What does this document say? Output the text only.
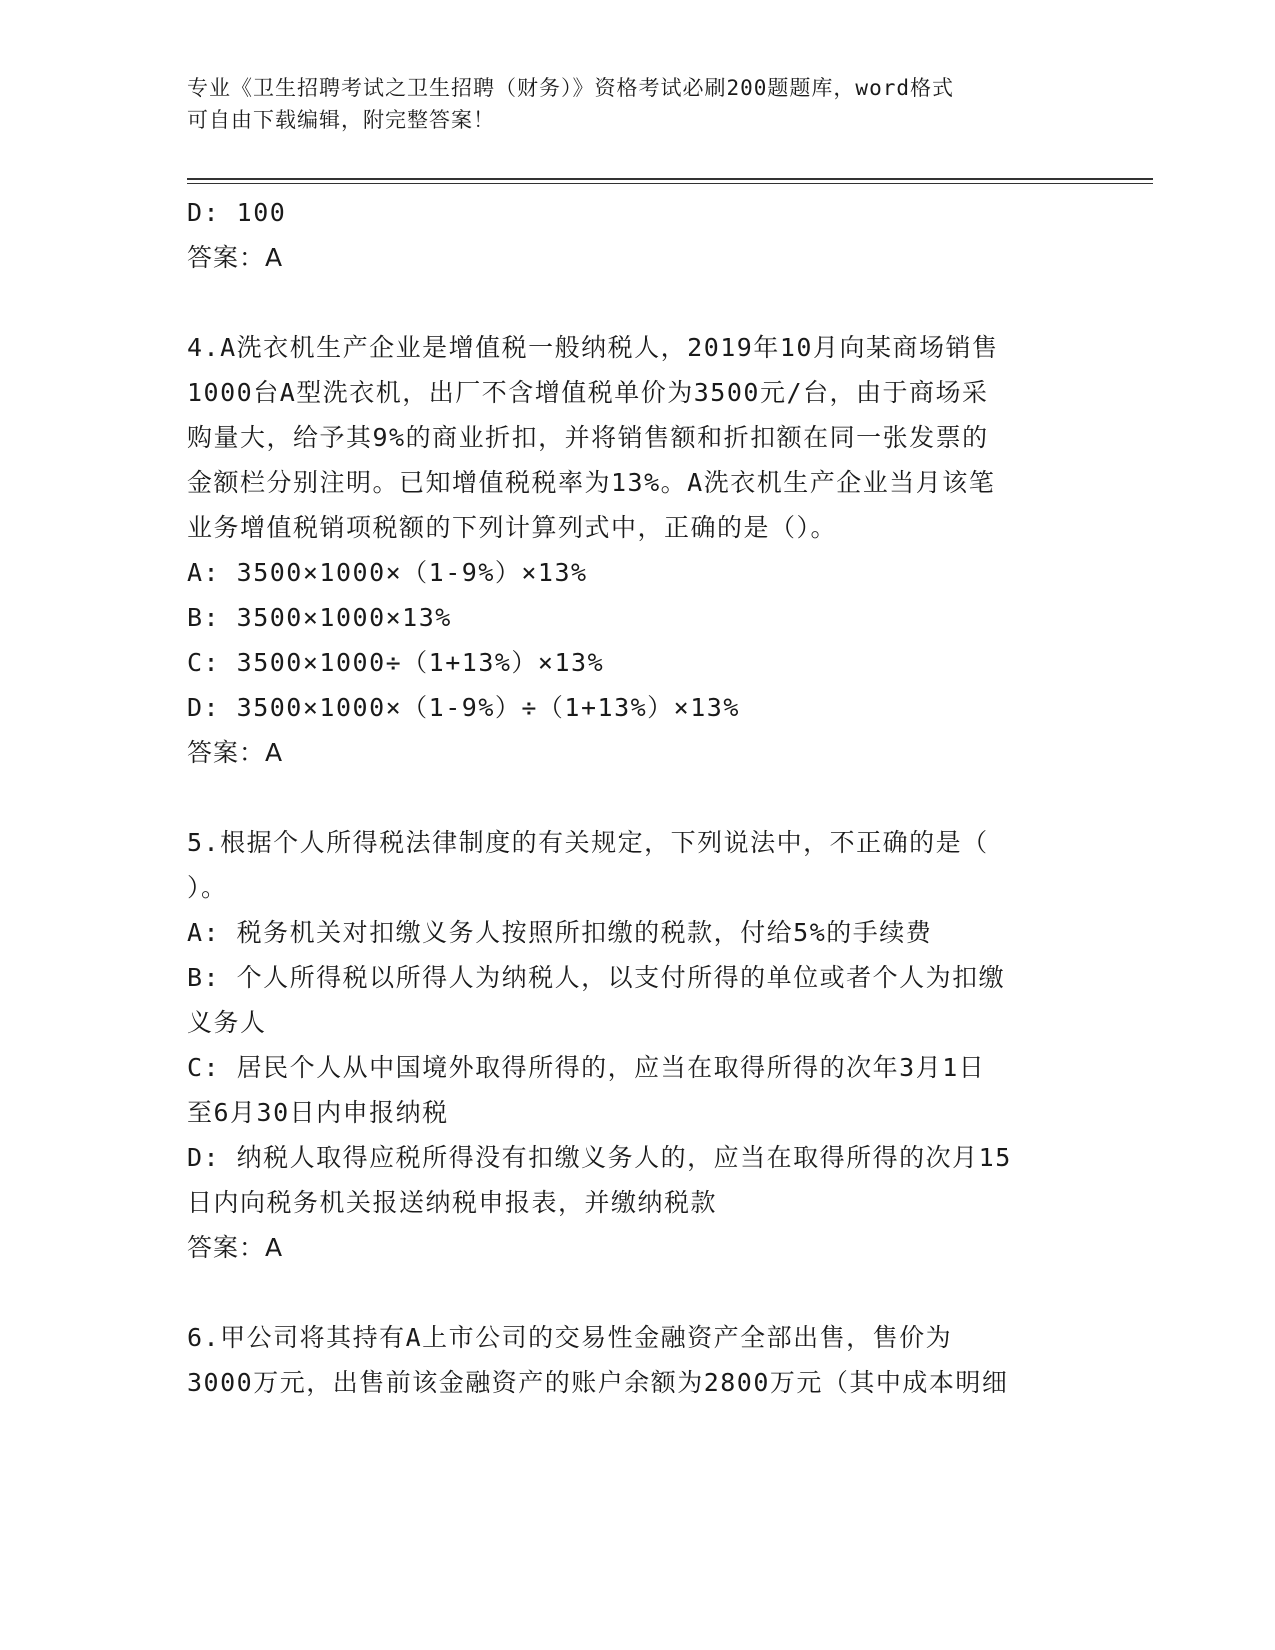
专业《卫生招聘考试之卫生招聘（财务）》资格考试必刷200题题库，word格式
可自由下载编辑，附完整答案！
D: 100
答案：A
4.A洗衣机生产企业是增值税一般纳税人，2019年10月向某商场销售
1000台A型洗衣机，出厂不含增值税单价为3500元/台，由于商场采
购量大，给予其9%的商业折扣，并将销售额和折扣额在同一张发票的
金额栏分别注明。已知增值税税率为13%。A洗衣机生产企业当月该笔
业务增值税销项税额的下列计算列式中，正确的是（）。
A: 3500×1000×（1-9%）×13%
B: 3500×1000×13%
C: 3500×1000÷（1+13%）×13%
D: 3500×1000×（1-9%）÷（1+13%）×13%
答案：A
5.根据个人所得税法律制度的有关规定，下列说法中，不正确的是（
）。
A: 税务机关对扣缴义务人按照所扣缴的税款，付给5%的手续费
B: 个人所得税以所得人为纳税人，以支付所得的单位或者个人为扣缴
义务人
C: 居民个人从中国境外取得所得的，应当在取得所得的次年3月1日
至6月30日内申报纳税
D: 纳税人取得应税所得没有扣缴义务人的，应当在取得所得的次月15
日内向税务机关报送纳税申报表，并缴纳税款
答案：A
6.甲公司将其持有A上市公司的交易性金融资产全部出售，售价为
3000万元，出售前该金融资产的账户余额为2800万元（其中成本明细
